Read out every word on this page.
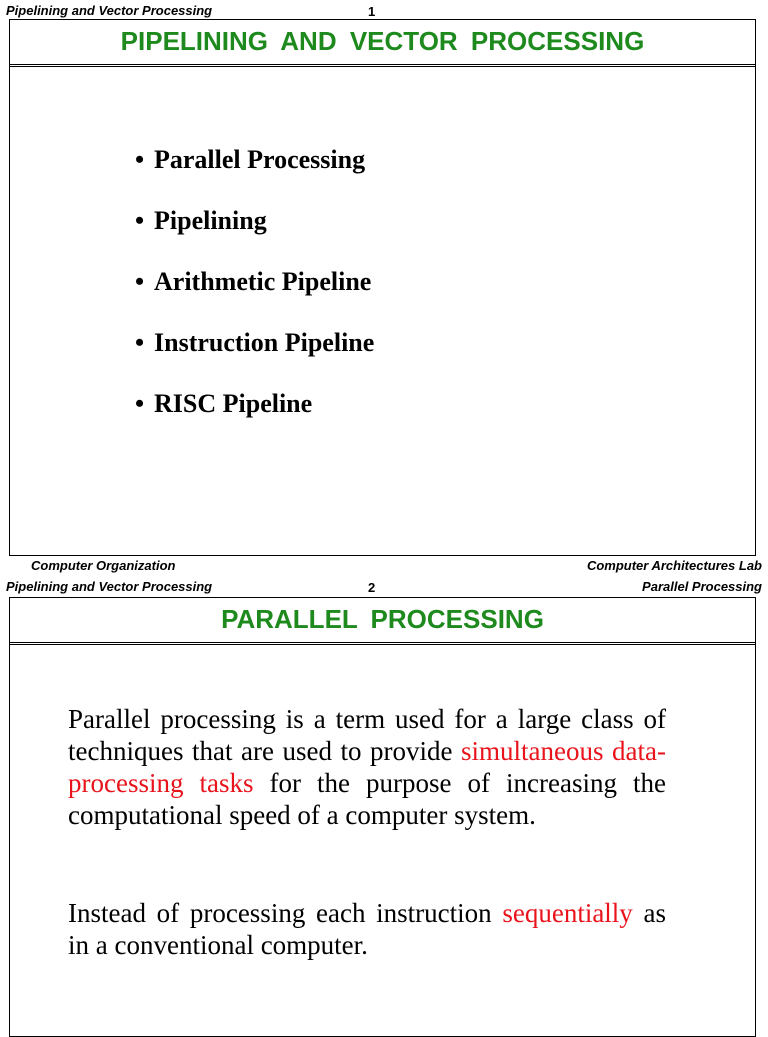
Pipelining and Vector Processing	1
PIPELINING AND VECTOR PROCESSING
• Parallel Processing
• Pipelining
• Arithmetic Pipeline
• Instruction Pipeline
• RISC Pipeline
Computer Organization	Computer Architectures Lab
Pipelining and Vector Processing	2	Parallel Processing
PARALLEL PROCESSING

Parallel processing is a term used for a large class of techniques that are used to provide simultaneous data-processing tasks for the purpose of increasing the computational speed of a computer system.

Instead of processing each instruction sequentially as in a conventional computer.
